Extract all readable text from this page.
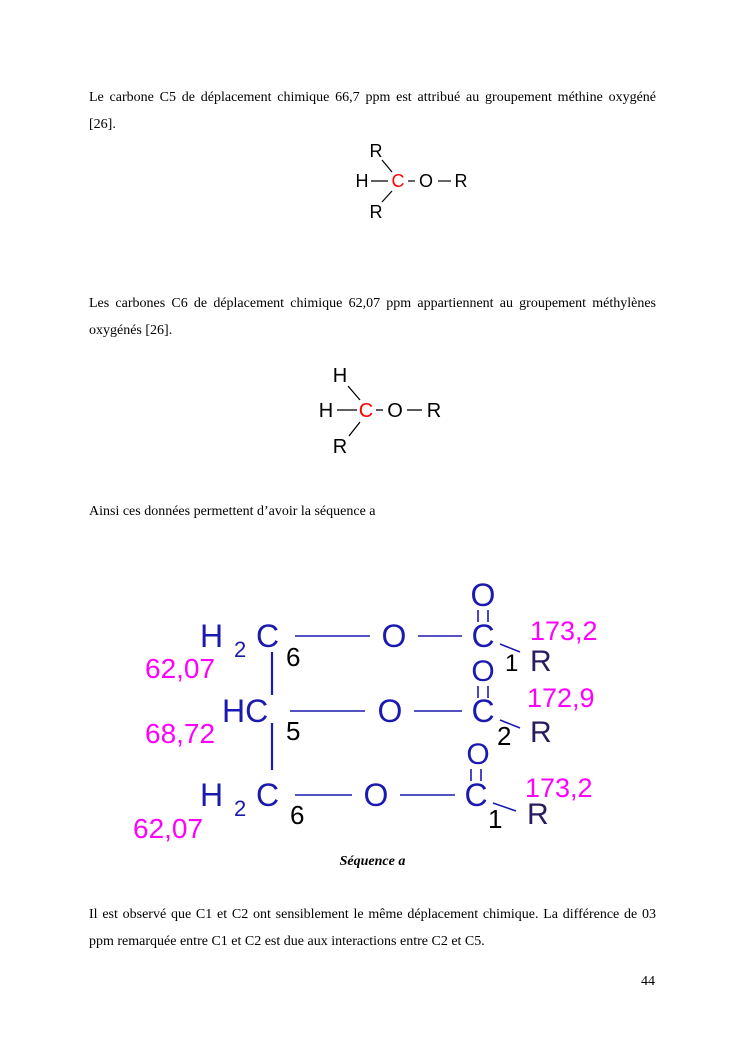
Le carbone C5 de déplacement chimique 66,7 ppm est attribué au groupement méthine oxygéné [26].

R
H C O R
R

Les carbones C6 de déplacement chimique 62,07 ppm appartiennent au groupement méthylènes oxygénés [26].

H
H C O R
R

Ainsi ces données permettent d’avoir la séquence a

H 2 C	O
O
C
6	1 R
62,07
173,2
HC	O
O
C
5	2 R
68,72
172,9
H 2 C	O
O
C
6	1 R
62,07
173,2
Séquence a

Il est observé que C1 et C2 ont sensiblement le même déplacement chimique. La différence de 03 ppm remarquée entre C1 et C2 est due aux interactions entre C2 et C5.

44
